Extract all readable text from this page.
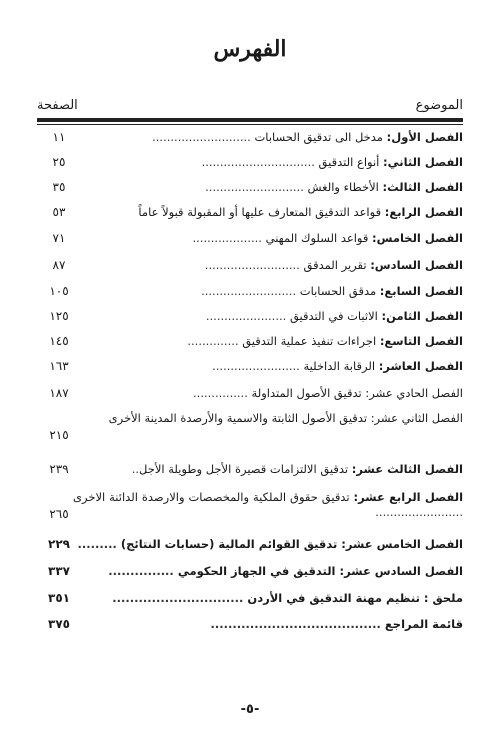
الفهرس
الموضوع
الصفحة
الفصل الأول: مدخل الى تدقيق الحسابات ...........................
١١
الفصل الثاني: أنواع التدقيق ...............................
٢٥
الفصل الثالث: الأخطاء والغش ...........................
٣٥
الفصل الرابع: قواعد التدقيق المتعارف عليها أو المقبولة قبولاً عاماً
٥٣
الفصل الخامس: قواعد السلوك المهني ...................
٧١
الفصل السادس: تقرير المدقق ..........................
٨٧
الفصل السابع: مدقق الحسابات ..........................
١٠٥
الفصل الثامن: الاثبات في التدقيق ......................
١٢٥
الفصل التاسع: اجراءات تنفيذ عملية التدقيق ..............
١٤٥
الفصل العاشر: الرقابة الداخلية ........................
١٦٣
الفصل الحادي عشر: تدقيق الأصول المتداولة ...............
١٨٧
الفصل الثاني عشر: تدقيق الأصول الثابتة والاسمية والأرصدة المدينة الأخرى
٢١٥
الفصل الثالث عشر: تدقيق الالتزامات قصيرة الأجل وطويلة الأجل..
٢٣٩
الفصل الرابع عشر: تدقيق حقوق الملكية والمخصصات والارصدة الدائنة الاخرى ........................
٢٦٥
الفصل الخامس عشر: تدقيق القوائم المالية (حسابات النتائج) .........
٢٢٩
الفصل السادس عشر: التدقيق في الجهاز الحكومي ...............
٣٣٧
ملحق : تنظيم مهنة التدقيق في الأردن ..............................
٣٥١
قائمة المراجع .......................................
٣٧٥
-٥-
